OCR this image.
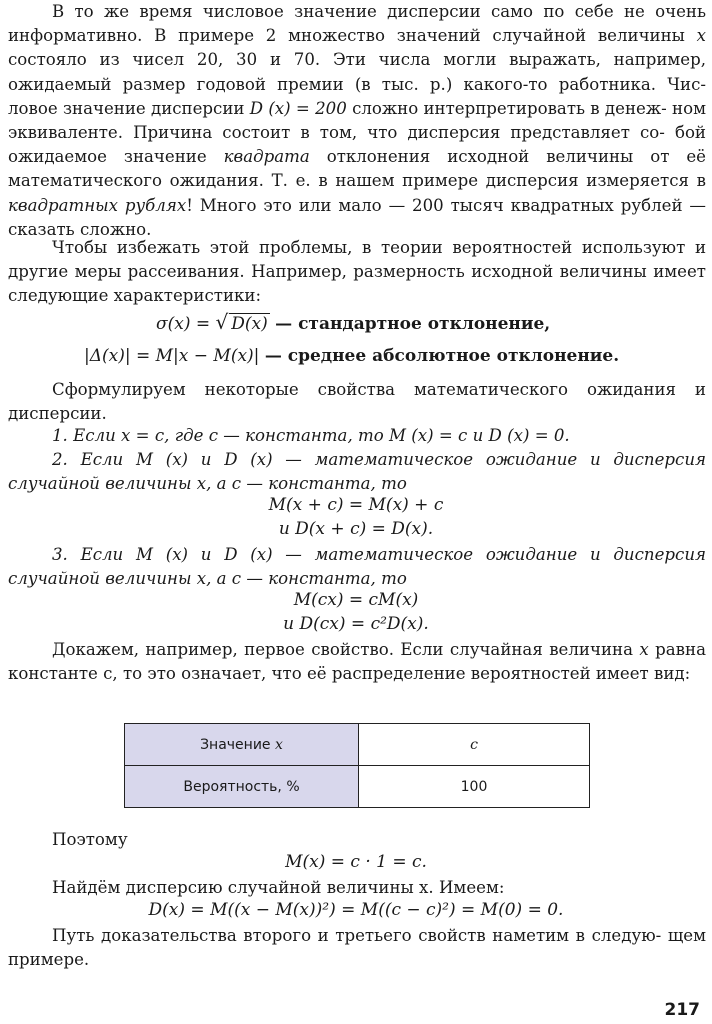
В то же время числовое значение дисперсии само по себе не очень информативно. В примере 2 множество значений случайной величины x состояло из чисел 20, 30 и 70. Эти числа могли выражать, например, ожидаемый размер годовой премии (в тыс. р.) какого-то работника. Чис- ловое значение дисперсии D (x) = 200 сложно интерпретировать в денеж- ном эквиваленте. Причина состоит в том, что дисперсия представляет со- бой ожидаемое значение квадрата отклонения исходной величины от её математического ожидания. Т. е. в нашем примере дисперсия измеряется в квадратных рублях! Много это или мало — 200 тысяч квадратных рублей — сказать сложно.
Чтобы избежать этой проблемы, в теории вероятностей используют и другие меры рассеивания. Например, размерность исходной величины имеет следующие характеристики:
σ(x) = √ D(x) — стандартное отклонение,
|Δ(x)| = M|x − M(x)| — среднее абсолютное отклонение.
Сформулируем некоторые свойства математического ожидания и дисперсии.
1. Если x = c, где c — константа, то M (x) = c и D (x) = 0.
2. Если M (x) и D (x) — математическое ожидание и дисперсия случайной величины x, а c — константа, то
M(x + c) = M(x) + c
и D(x + c) = D(x).
3. Если M (x) и D (x) — математическое ожидание и дисперсия случайной величины x, а c — константа, то
M(cx) = cM(x)
и D(cx) = c²D(x).
Докажем, например, первое свойство. Если случайная величина x равна константе c, то это означает, что её распределение вероятностей имеет вид:
Значение x	c
Вероятность, %	100
Поэтому
M(x) = c · 1 = c.
Найдём дисперсию случайной величины x. Имеем:
D(x) = M((x − M(x))²) = M((c − c)²) = M(0) = 0.
Путь доказательства второго и третьего свойств наметим в следую- щем примере.
217
